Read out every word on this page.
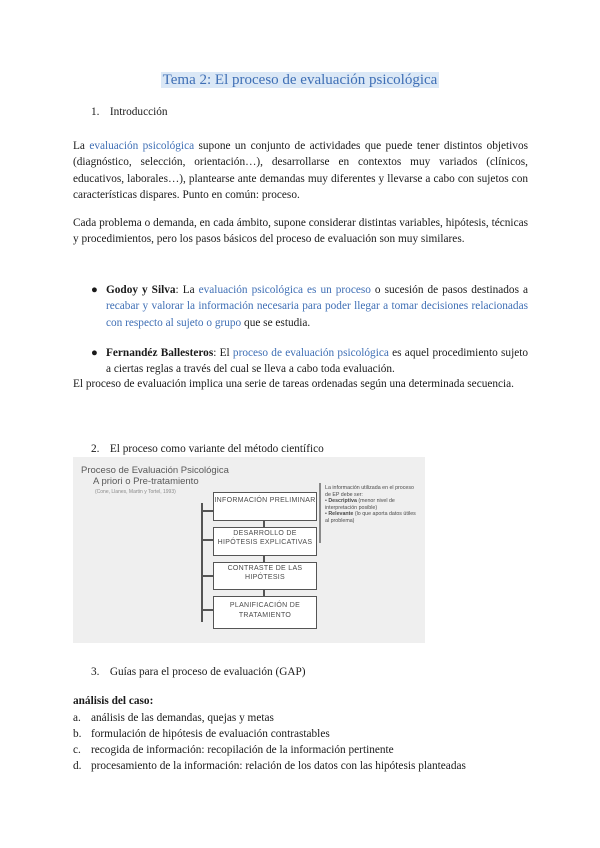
Tema 2: El proceso de evaluación psicológica
1. Introducción
La evaluación psicológica supone un conjunto de actividades que puede tener distintos objetivos (diagnóstico, selección, orientación…), desarrollarse en contextos muy variados (clínicos, educativos, laborales…), plantearse ante demandas muy diferentes y llevarse a cabo con sujetos con características dispares. Punto en común: proceso.
Cada problema o demanda, en cada ámbito, supone considerar distintas variables, hipótesis, técnicas y procedimientos, pero los pasos básicos del proceso de evaluación son muy similares.
● Godoy y Silva: La evaluación psicológica es un proceso o sucesión de pasos destinados a recabar y valorar la información necesaria para poder llegar a tomar decisiones relacionadas con respecto al sujeto o grupo que se estudia.
● Fernandéz Ballesteros: El proceso de evaluación psicológica es aquel procedimiento sujeto a ciertas reglas a través del cual se lleva a cabo toda evaluación.
El proceso de evaluación implica una serie de tareas ordenadas según una determinada secuencia.
2. El proceso como variante del método científico
Proceso de Evaluación Psicológica
A priori o Pre-tratamiento
(Cone, Llanes, Martin y Tortel, 1993)
INFORMACIÓN PRELIMINAR
DESARROLLO DE HIPÓTESIS EXPLICATIVAS
CONTRASTE DE LAS HIPÓTESIS
PLANIFICACIÓN DE TRATAMIENTO
La información utilizada en el proceso de EP debe ser:
• Descriptiva (menor nivel de interpretación posible)
• Relevante (lo que aporta datos útiles al problema)
3. Guías para el proceso de evaluación (GAP)
análisis del caso:
a. análisis de las demandas, quejas y metas
b. formulación de hipótesis de evaluación contrastables
c. recogida de información: recopilación de la información pertinente
d. procesamiento de la información: relación de los datos con las hipótesis planteadas
